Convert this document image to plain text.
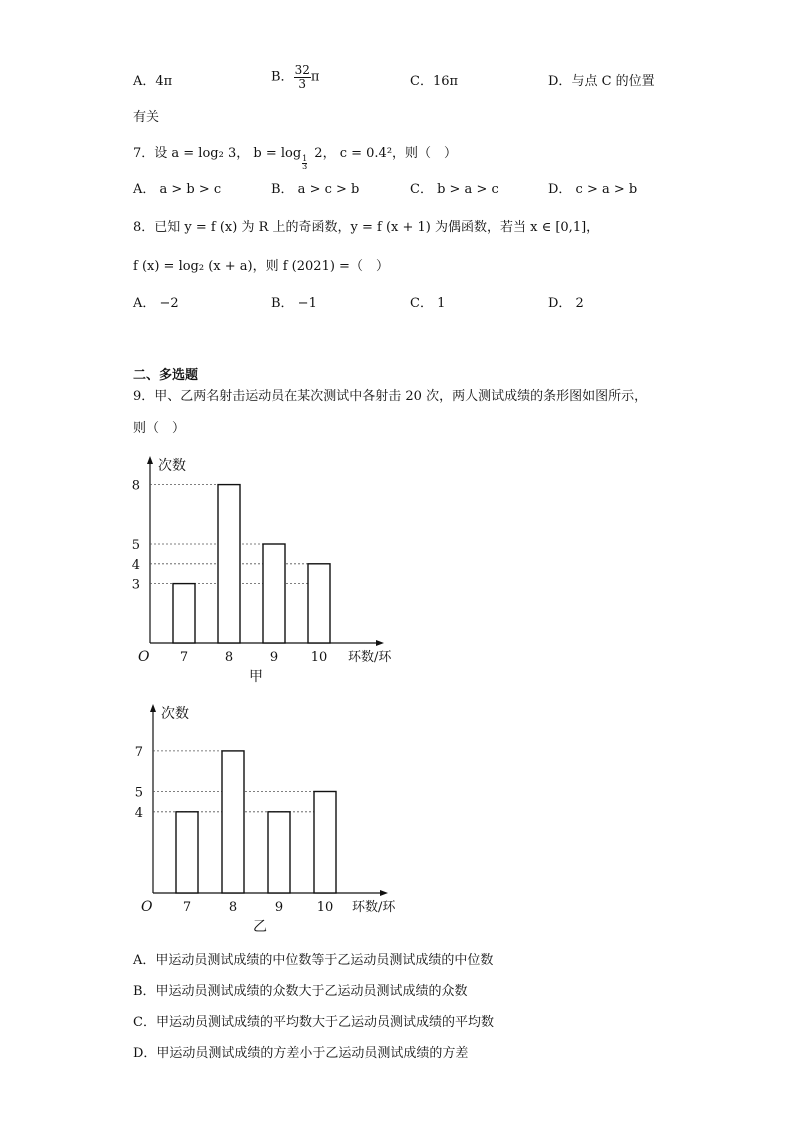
A．4π	B． $\frac{32}{3}$ π	C．16π	D．与点 C 的位置
有关
7．设 a = log₂ 3， $b = \log \frac{1}{3} 2$， c = 0.4²，则（　）
A． a > b > c	B． a > c > b	C． b > a > c	D． c > a > b
8．已知 y = f (x) 为 R 上的奇函数，y = f (x + 1) 为偶函数，若当 x ∈ [0,1]，
f (x) = log₂ (x + a)，则 f (2021) =（　）
A． −2	B． −1	C． 1	D． 2
二、多选题
9．甲、乙两名射击运动员在某次测试中各射击 20 次，两人测试成绩的条形图如图所示，
则（　）
次数
O	环数/环
3
4
5
8
7	8	9	10
甲
次数
O	环数/环
4
5
7
7	8	9	10
乙
A．甲运动员测试成绩的中位数等于乙运动员测试成绩的中位数
B．甲运动员测试成绩的众数大于乙运动员测试成绩的众数
C．甲运动员测试成绩的平均数大于乙运动员测试成绩的平均数
D．甲运动员测试成绩的方差小于乙运动员测试成绩的方差
